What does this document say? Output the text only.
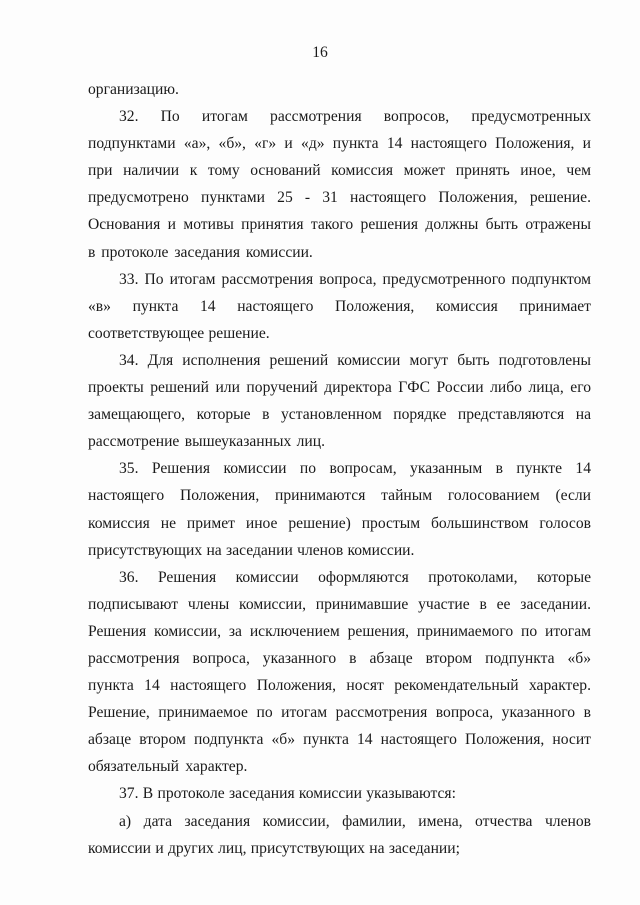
16

организацию.

32. По итогам рассмотрения вопросов, предусмотренных подпунктами «а», «б», «г» и «д» пункта 14 настоящего Положения, и при наличии к тому оснований комиссия может принять иное, чем предусмотрено пунктами 25 - 31 настоящего Положения, решение. Основания и мотивы принятия такого решения должны быть отражены в протоколе заседания комиссии.

33. По итогам рассмотрения вопроса, предусмотренного подпунктом «в» пункта 14 настоящего Положения, комиссия принимает соответствующее решение.

34. Для исполнения решений комиссии могут быть подготовлены проекты решений или поручений директора ГФС России либо лица, его замещающего, которые в установленном порядке представляются на рассмотрение вышеуказанных лиц.

35. Решения комиссии по вопросам, указанным в пункте 14 настоящего Положения, принимаются тайным голосованием (если комиссия не примет иное решение) простым большинством голосов присутствующих на заседании членов комиссии.

36. Решения комиссии оформляются протоколами, которые подписывают члены комиссии, принимавшие участие в ее заседании. Решения комиссии, за исключением решения, принимаемого по итогам рассмотрения вопроса, указанного в абзаце втором подпункта «б» пункта 14 настоящего Положения, носят рекомендательный характер. Решение, принимаемое по итогам рассмотрения вопроса, указанного в абзаце втором подпункта «б» пункта 14 настоящего Положения, носит обязательный характер.

37. В протоколе заседания комиссии указываются:

а) дата заседания комиссии, фамилии, имена, отчества членов комиссии и других лиц, присутствующих на заседании;
